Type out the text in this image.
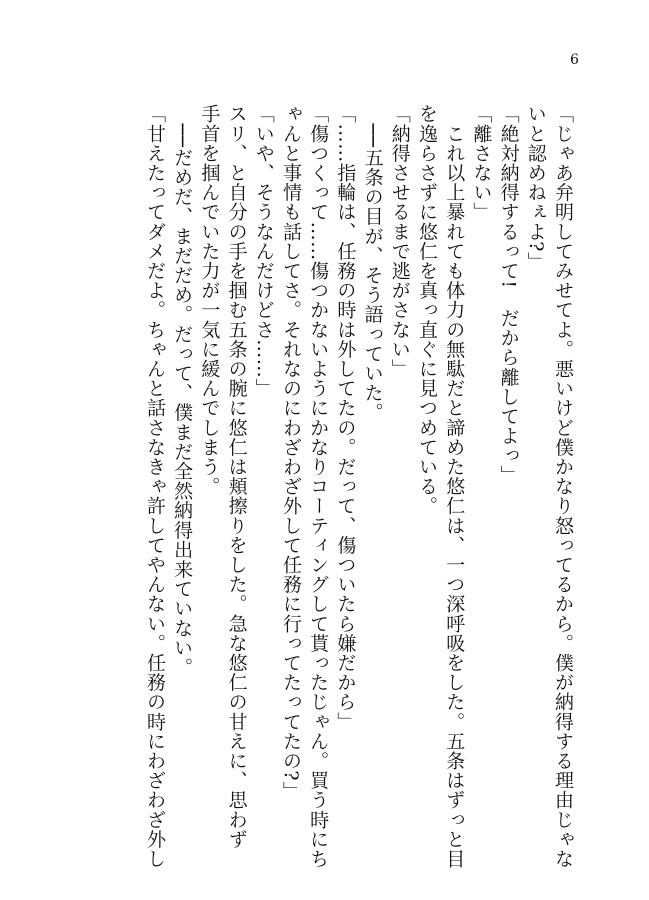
6
「じゃあ弁明してみせてよ。悪いけど僕かなり怒ってるから。僕が納得する理由じゃな
いと認めねぇよ?」
「絶対納得するって!　だから離してよっ」
「離さない」
　これ以上暴れても体力の無駄だと諦めた悠仁は、一つ深呼吸をした。五条はずっと目
を逸らさずに悠仁を真っ直ぐに見つめている。
「納得させるまで逃がさない」
　──五条の目が、そう語っていた。
「……指輪は、任務の時は外してたの。だって、傷ついたら嫌だから」
「傷つくって……傷つかないようにかなりコーティングして貰ったじゃん。買う時にち
ゃんと事情も話してさ。それなのにわざわざ外して任務に行ってたってたの?」
「いや、そうなんだけどさ……」
スリ、と自分の手を掴む五条の腕に悠仁は頬擦りをした。急な悠仁の甘えに、思わず
手首を掴んでいた力が一気に緩んでしまう。
　──だめだ、まだだめ。だって、僕まだ全然納得出来ていない。
「甘えたってダメだよ。ちゃんと話さなきゃ許してやんない。任務の時にわざわざ外し
